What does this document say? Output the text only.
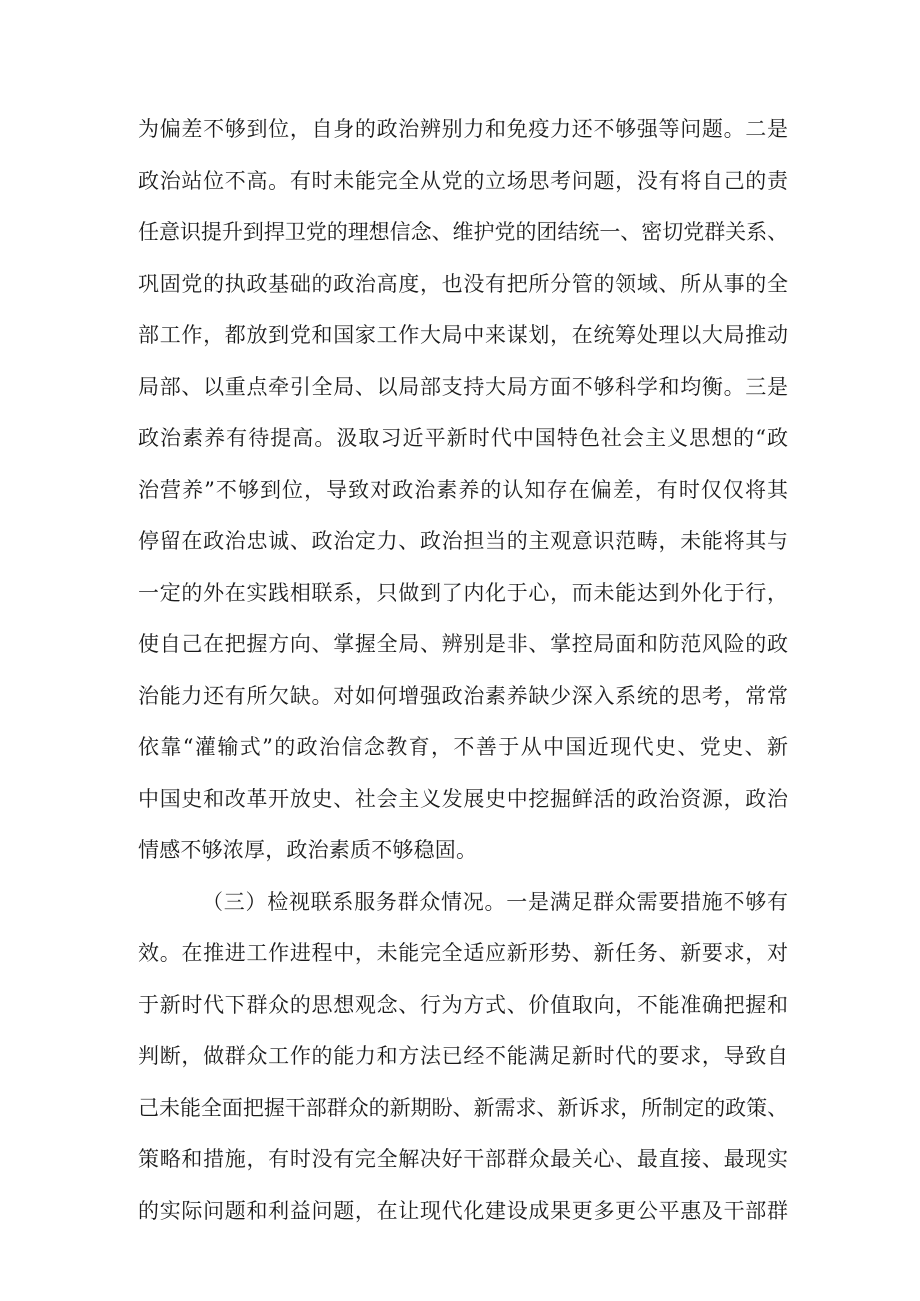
为偏差不够到位，自身的政治辨别力和免疫力还不够强等问题。二是
政治站位不高。有时未能完全从党的立场思考问题，没有将自己的责
任意识提升到捍卫党的理想信念、维护党的团结统一、密切党群关系、
巩固党的执政基础的政治高度，也没有把所分管的领域、所从事的全
部工作，都放到党和国家工作大局中来谋划，在统筹处理以大局推动
局部、以重点牵引全局、以局部支持大局方面不够科学和均衡。三是
政治素养有待提高。汲取习近平新时代中国特色社会主义思想的“政
治营养”不够到位，导致对政治素养的认知存在偏差，有时仅仅将其
停留在政治忠诚、政治定力、政治担当的主观意识范畴，未能将其与
一定的外在实践相联系，只做到了内化于心，而未能达到外化于行，
使自己在把握方向、掌握全局、辨别是非、掌控局面和防范风险的政
治能力还有所欠缺。对如何增强政治素养缺少深入系统的思考，常常
依靠“灌输式”的政治信念教育，不善于从中国近现代史、党史、新
中国史和改革开放史、社会主义发展史中挖掘鲜活的政治资源，政治
情感不够浓厚，政治素质不够稳固。
（三）检视联系服务群众情况。一是满足群众需要措施不够有
效。在推进工作进程中，未能完全适应新形势、新任务、新要求，对
于新时代下群众的思想观念、行为方式、价值取向，不能准确把握和
判断，做群众工作的能力和方法已经不能满足新时代的要求，导致自
己未能全面把握干部群众的新期盼、新需求、新诉求，所制定的政策、
策略和措施，有时没有完全解决好干部群众最关心、最直接、最现实
的实际问题和利益问题，在让现代化建设成果更多更公平惠及干部群
